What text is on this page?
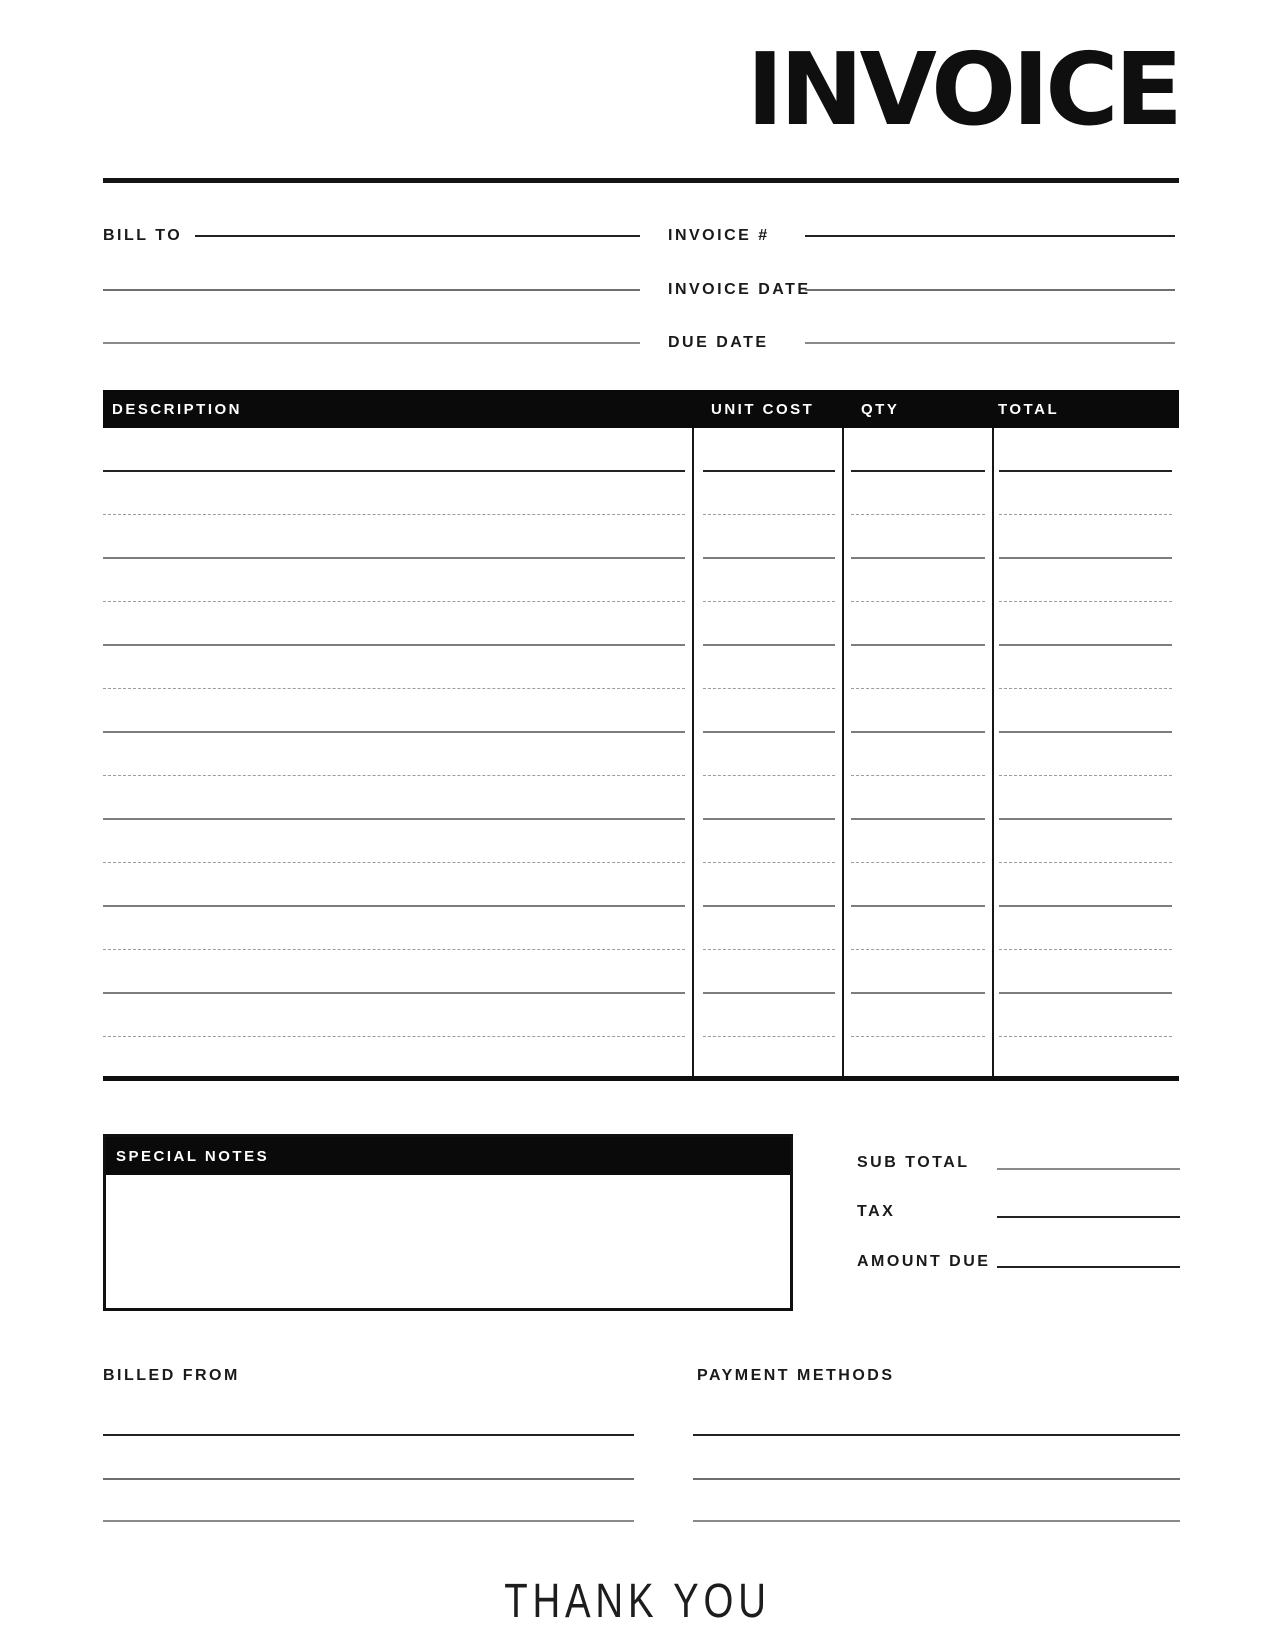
INVOICE
BILL TO	INVOICE #
INVOICE DATE
DUE DATE
DESCRIPTION	UNIT COST	QTY	TOTAL
SPECIAL NOTES	SUB TOTAL
TAX
AMOUNT DUE
BILLED FROM	PAYMENT METHODS
THANK YOU
